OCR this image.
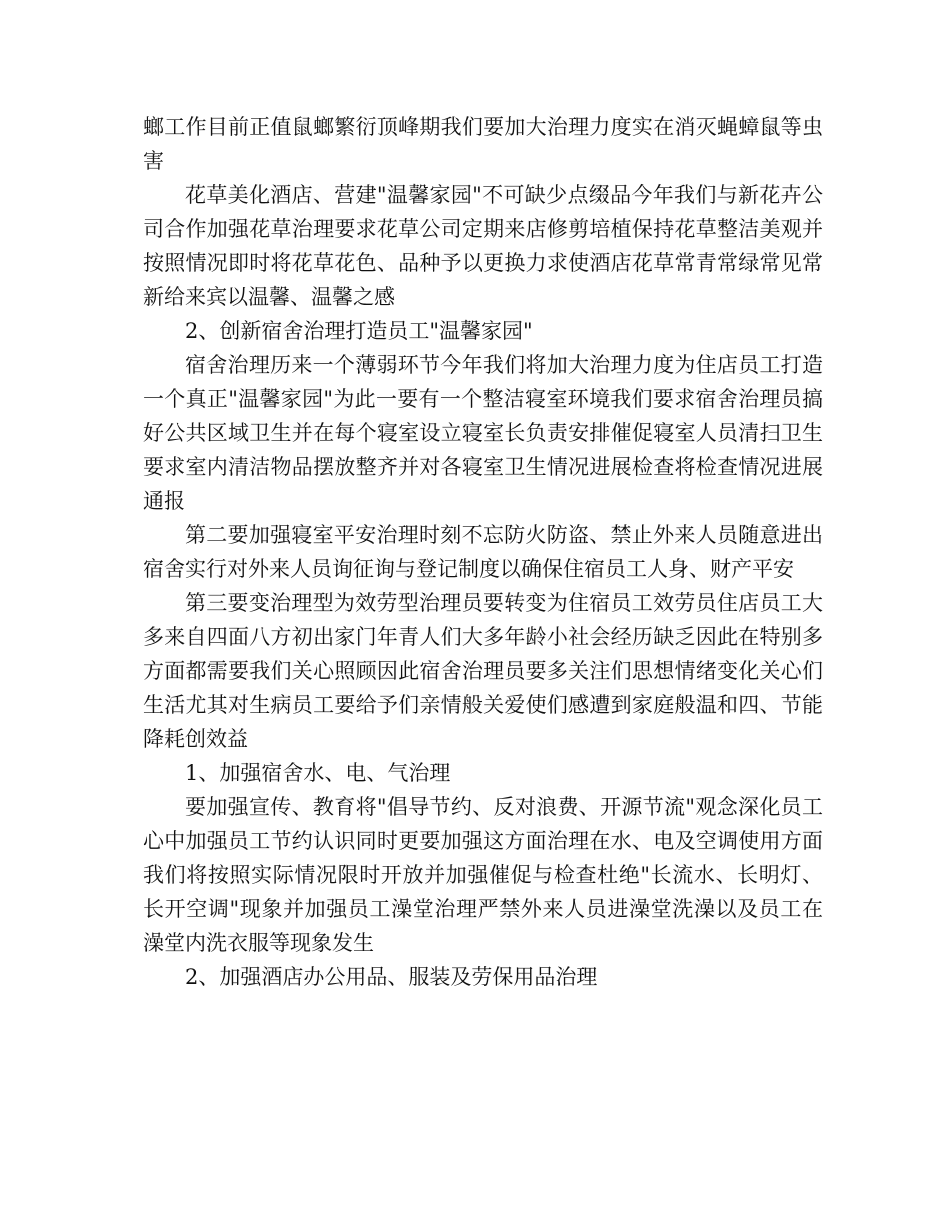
螂工作目前正值鼠螂繁衍顶峰期我们要加大治理力度实在消灭蝇蟑鼠等虫害

花草美化酒店、营建"温馨家园"不可缺少点缀品今年我们与新花卉公司合作加强花草治理要求花草公司定期来店修剪培植保持花草整洁美观并按照情况即时将花草花色、品种予以更换力求使酒店花草常青常绿常见常新给来宾以温馨、温馨之感

2、创新宿舍治理打造员工"温馨家园"

宿舍治理历来一个薄弱环节今年我们将加大治理力度为住店员工打造一个真正"温馨家园"为此一要有一个整洁寝室环境我们要求宿舍治理员搞好公共区域卫生并在每个寝室设立寝室长负责安排催促寝室人员清扫卫生要求室内清洁物品摆放整齐并对各寝室卫生情况进展检查将检查情况进展通报

第二要加强寝室平安治理时刻不忘防火防盗、禁止外来人员随意进出宿舍实行对外来人员询征询与登记制度以确保住宿员工人身、财产平安

第三要变治理型为效劳型治理员要转变为住宿员工效劳员住店员工大多来自四面八方初出家门年青人们大多年龄小社会经历缺乏因此在特别多方面都需要我们关心照顾因此宿舍治理员要多关注们思想情绪变化关心们生活尤其对生病员工要给予们亲情般关爱使们感遭到家庭般温和四、节能降耗创效益

1、加强宿舍水、电、气治理

要加强宣传、教育将"倡导节约、反对浪费、开源节流"观念深化员工心中加强员工节约认识同时更要加强这方面治理在水、电及空调使用方面我们将按照实际情况限时开放并加强催促与检查杜绝"长流水、长明灯、长开空调"现象并加强员工澡堂治理严禁外来人员进澡堂洗澡以及员工在澡堂内洗衣服等现象发生

2、加强酒店办公用品、服装及劳保用品治理
